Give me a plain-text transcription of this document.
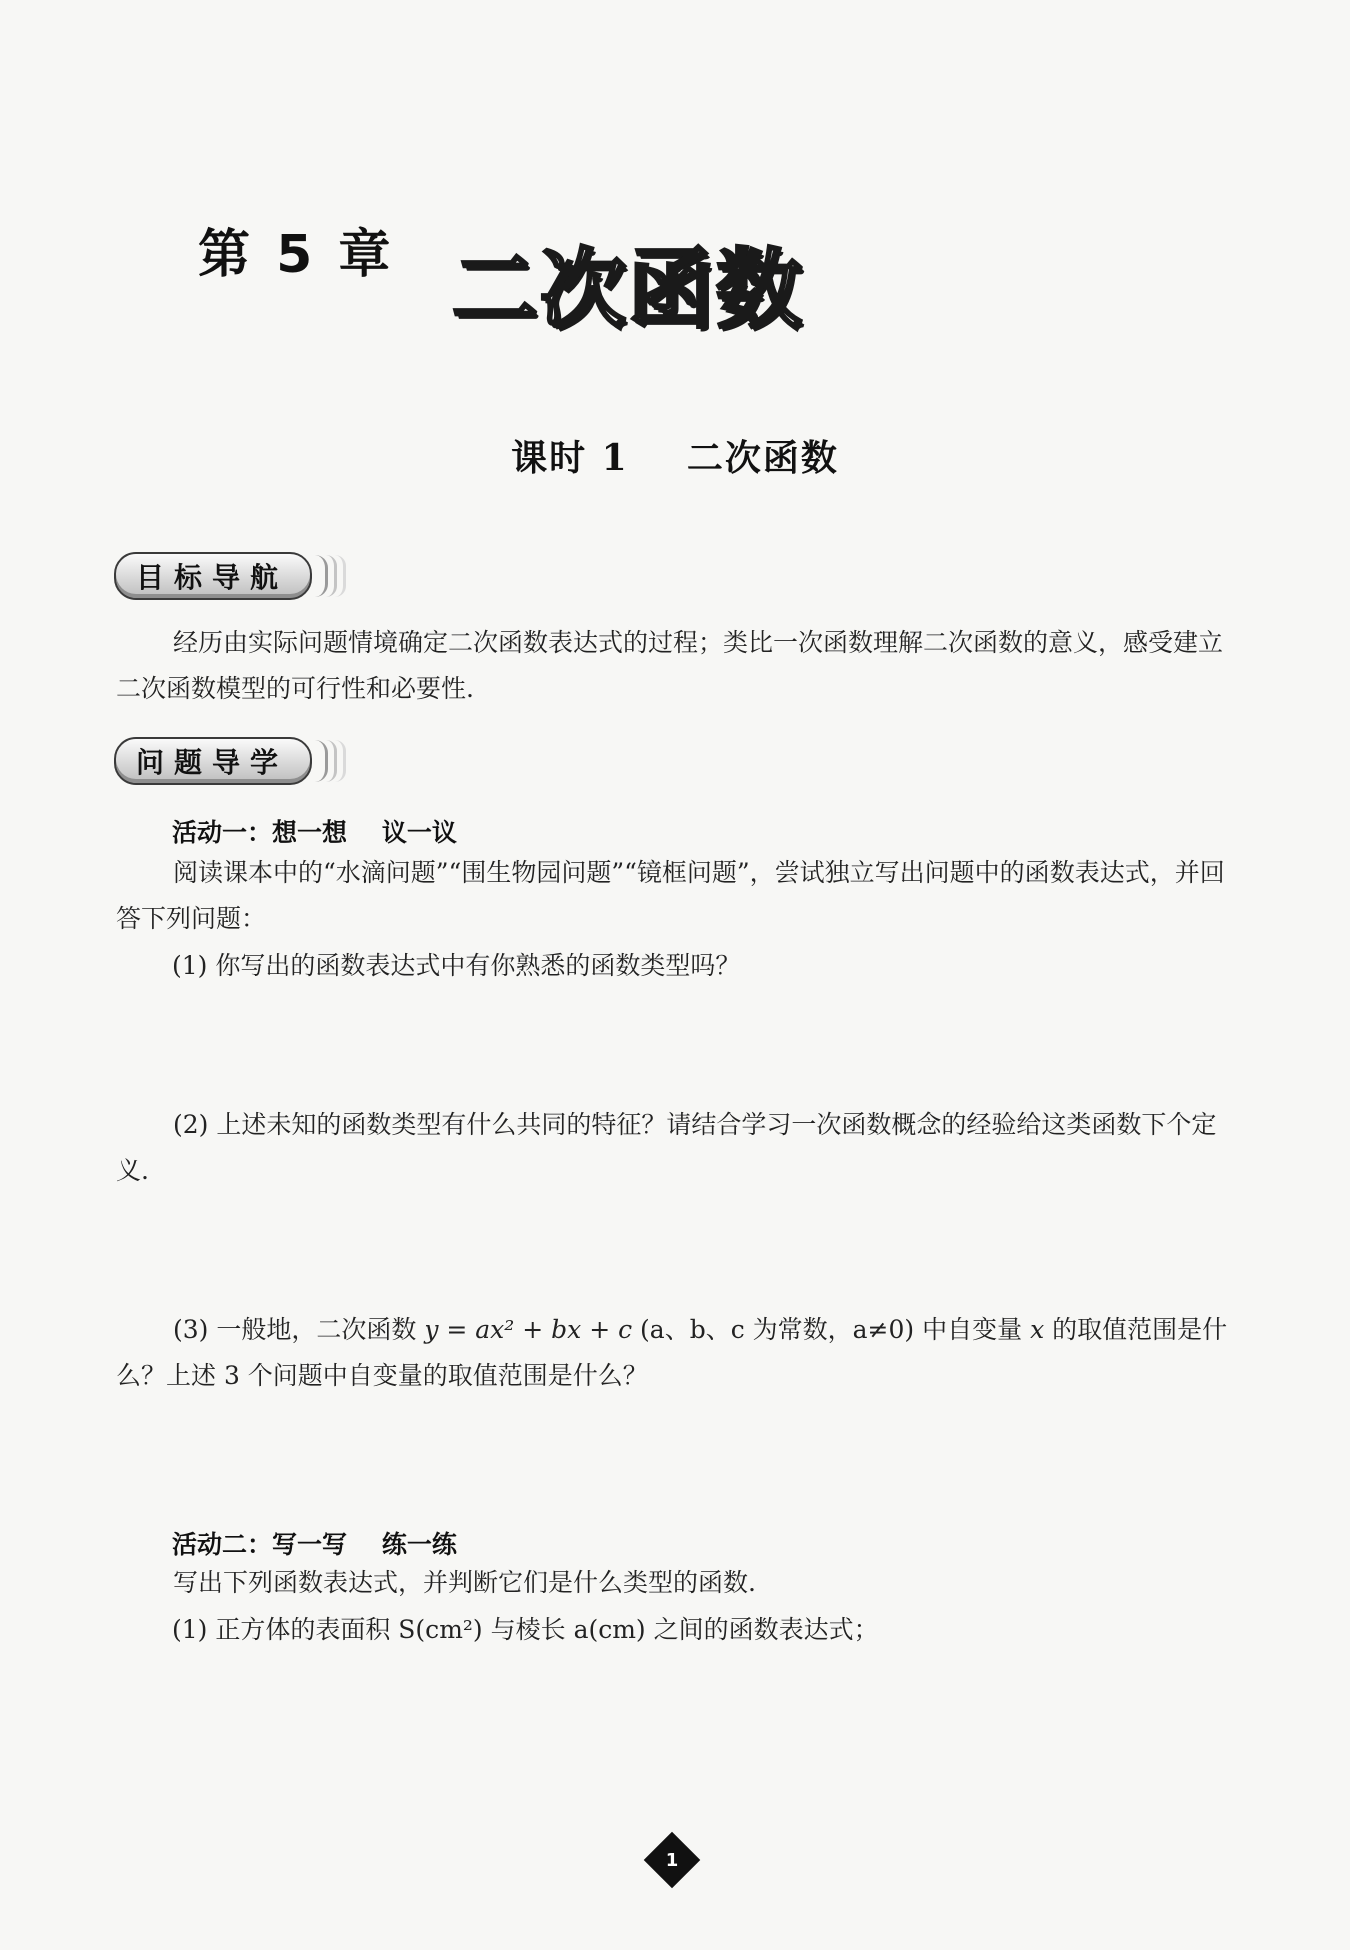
第 5 章 二次函数
课时 1    二次函数
目标导航
经历由实际问题情境确定二次函数表达式的过程；类比一次函数理解二次函数的意义，感受建立二次函数模型的可行性和必要性.
问题导学
活动一：想一想    议一议
阅读课本中的“水滴问题”“围生物园问题”“镜框问题”，尝试独立写出问题中的函数表达式，并回答下列问题：
(1) 你写出的函数表达式中有你熟悉的函数类型吗？
(2) 上述未知的函数类型有什么共同的特征？请结合学习一次函数概念的经验给这类函数下个定义.
(3) 一般地，二次函数 y = ax² + bx + c (a、b、c 为常数，a≠0) 中自变量 x 的取值范围是什么？上述 3 个问题中自变量的取值范围是什么？
活动二：写一写    练一练
写出下列函数表达式，并判断它们是什么类型的函数.
(1) 正方体的表面积 S(cm²) 与棱长 a(cm) 之间的函数表达式；
1
